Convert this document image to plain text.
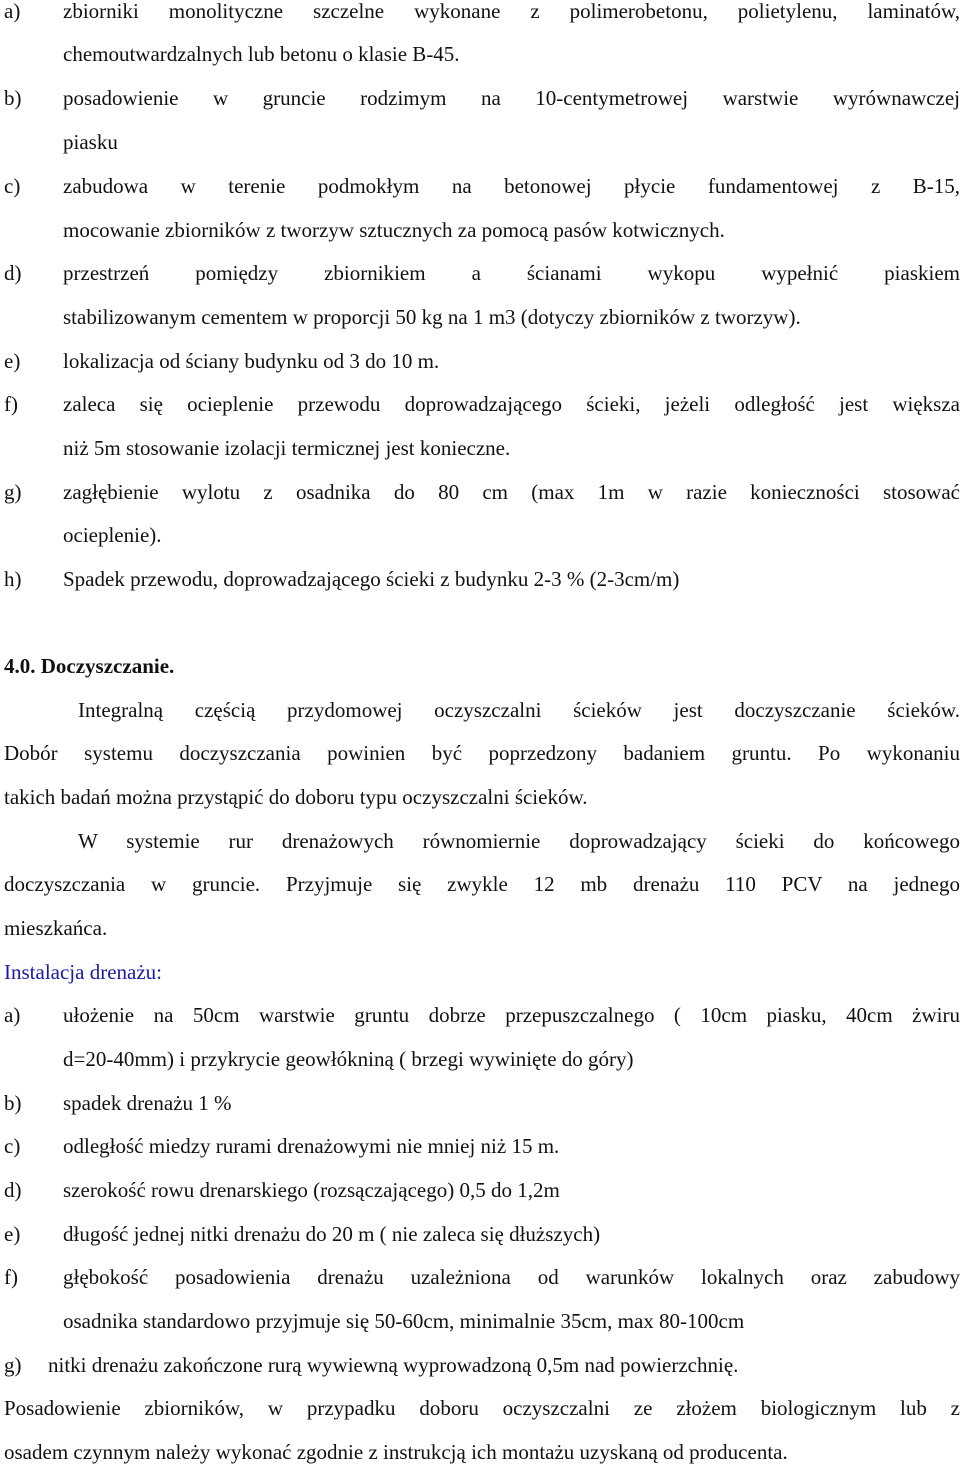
a) zbiorniki monolityczne szczelne wykonane z polimerobetonu, polietylenu, laminatów,
chemoutwardzalnych lub betonu o klasie B-45.
b) posadowienie w gruncie rodzimym na 10-centymetrowej warstwie wyrównawczej
piasku
c) zabudowa w terenie podmokłym na betonowej płycie fundamentowej z B-15,
mocowanie zbiorników z tworzyw sztucznych za pomocą pasów kotwicznych.
d) przestrzeń pomiędzy zbiornikiem a ścianami wykopu wypełnić piaskiem
stabilizowanym cementem w proporcji 50 kg na 1 m3 (dotyczy zbiorników z tworzyw).
e) lokalizacja od ściany budynku od 3 do 10 m.
f) zaleca się ocieplenie przewodu doprowadzającego ścieki, jeżeli odległość jest większa
niż 5m stosowanie izolacji termicznej jest konieczne.
g) zagłębienie wylotu z osadnika do 80 cm (max 1m w razie konieczności stosować
ocieplenie).
h) Spadek przewodu, doprowadzającego ścieki z budynku 2-3 % (2-3cm/m)
4.0. Doczyszczanie.
Integralną częścią przydomowej oczyszczalni ścieków jest doczyszczanie ścieków.
Dobór systemu doczyszczania powinien być poprzedzony badaniem gruntu. Po wykonaniu
takich badań można przystąpić do doboru typu oczyszczalni ścieków.
W systemie rur drenażowych równomiernie doprowadzający ścieki do końcowego
doczyszczania w gruncie. Przyjmuje się zwykle 12 mb drenażu 110 PCV na jednego
mieszkańca.
Instalacja drenażu:
a) ułożenie na 50cm warstwie gruntu dobrze przepuszczalnego ( 10cm piasku, 40cm żwiru
d=20-40mm) i przykrycie geowłókniną ( brzegi wywinięte do góry)
b) spadek drenażu 1 %
c) odległość miedzy rurami drenażowymi nie mniej niż 15 m.
d) szerokość rowu drenarskiego (rozsączającego) 0,5 do 1,2m
e) długość jednej nitki drenażu do 20 m ( nie zaleca się dłuższych)
f) głębokość posadowienia drenażu uzależniona od warunków lokalnych oraz zabudowy
osadnika standardowo przyjmuje się 50-60cm, minimalnie 35cm, max 80-100cm
g) nitki drenażu zakończone rurą wywiewną wyprowadzoną 0,5m nad powierzchnię.
Posadowienie zbiorników, w przypadku doboru oczyszczalni ze złożem biologicznym lub z
osadem czynnym należy wykonać zgodnie z instrukcją ich montażu uzyskaną od producenta.
